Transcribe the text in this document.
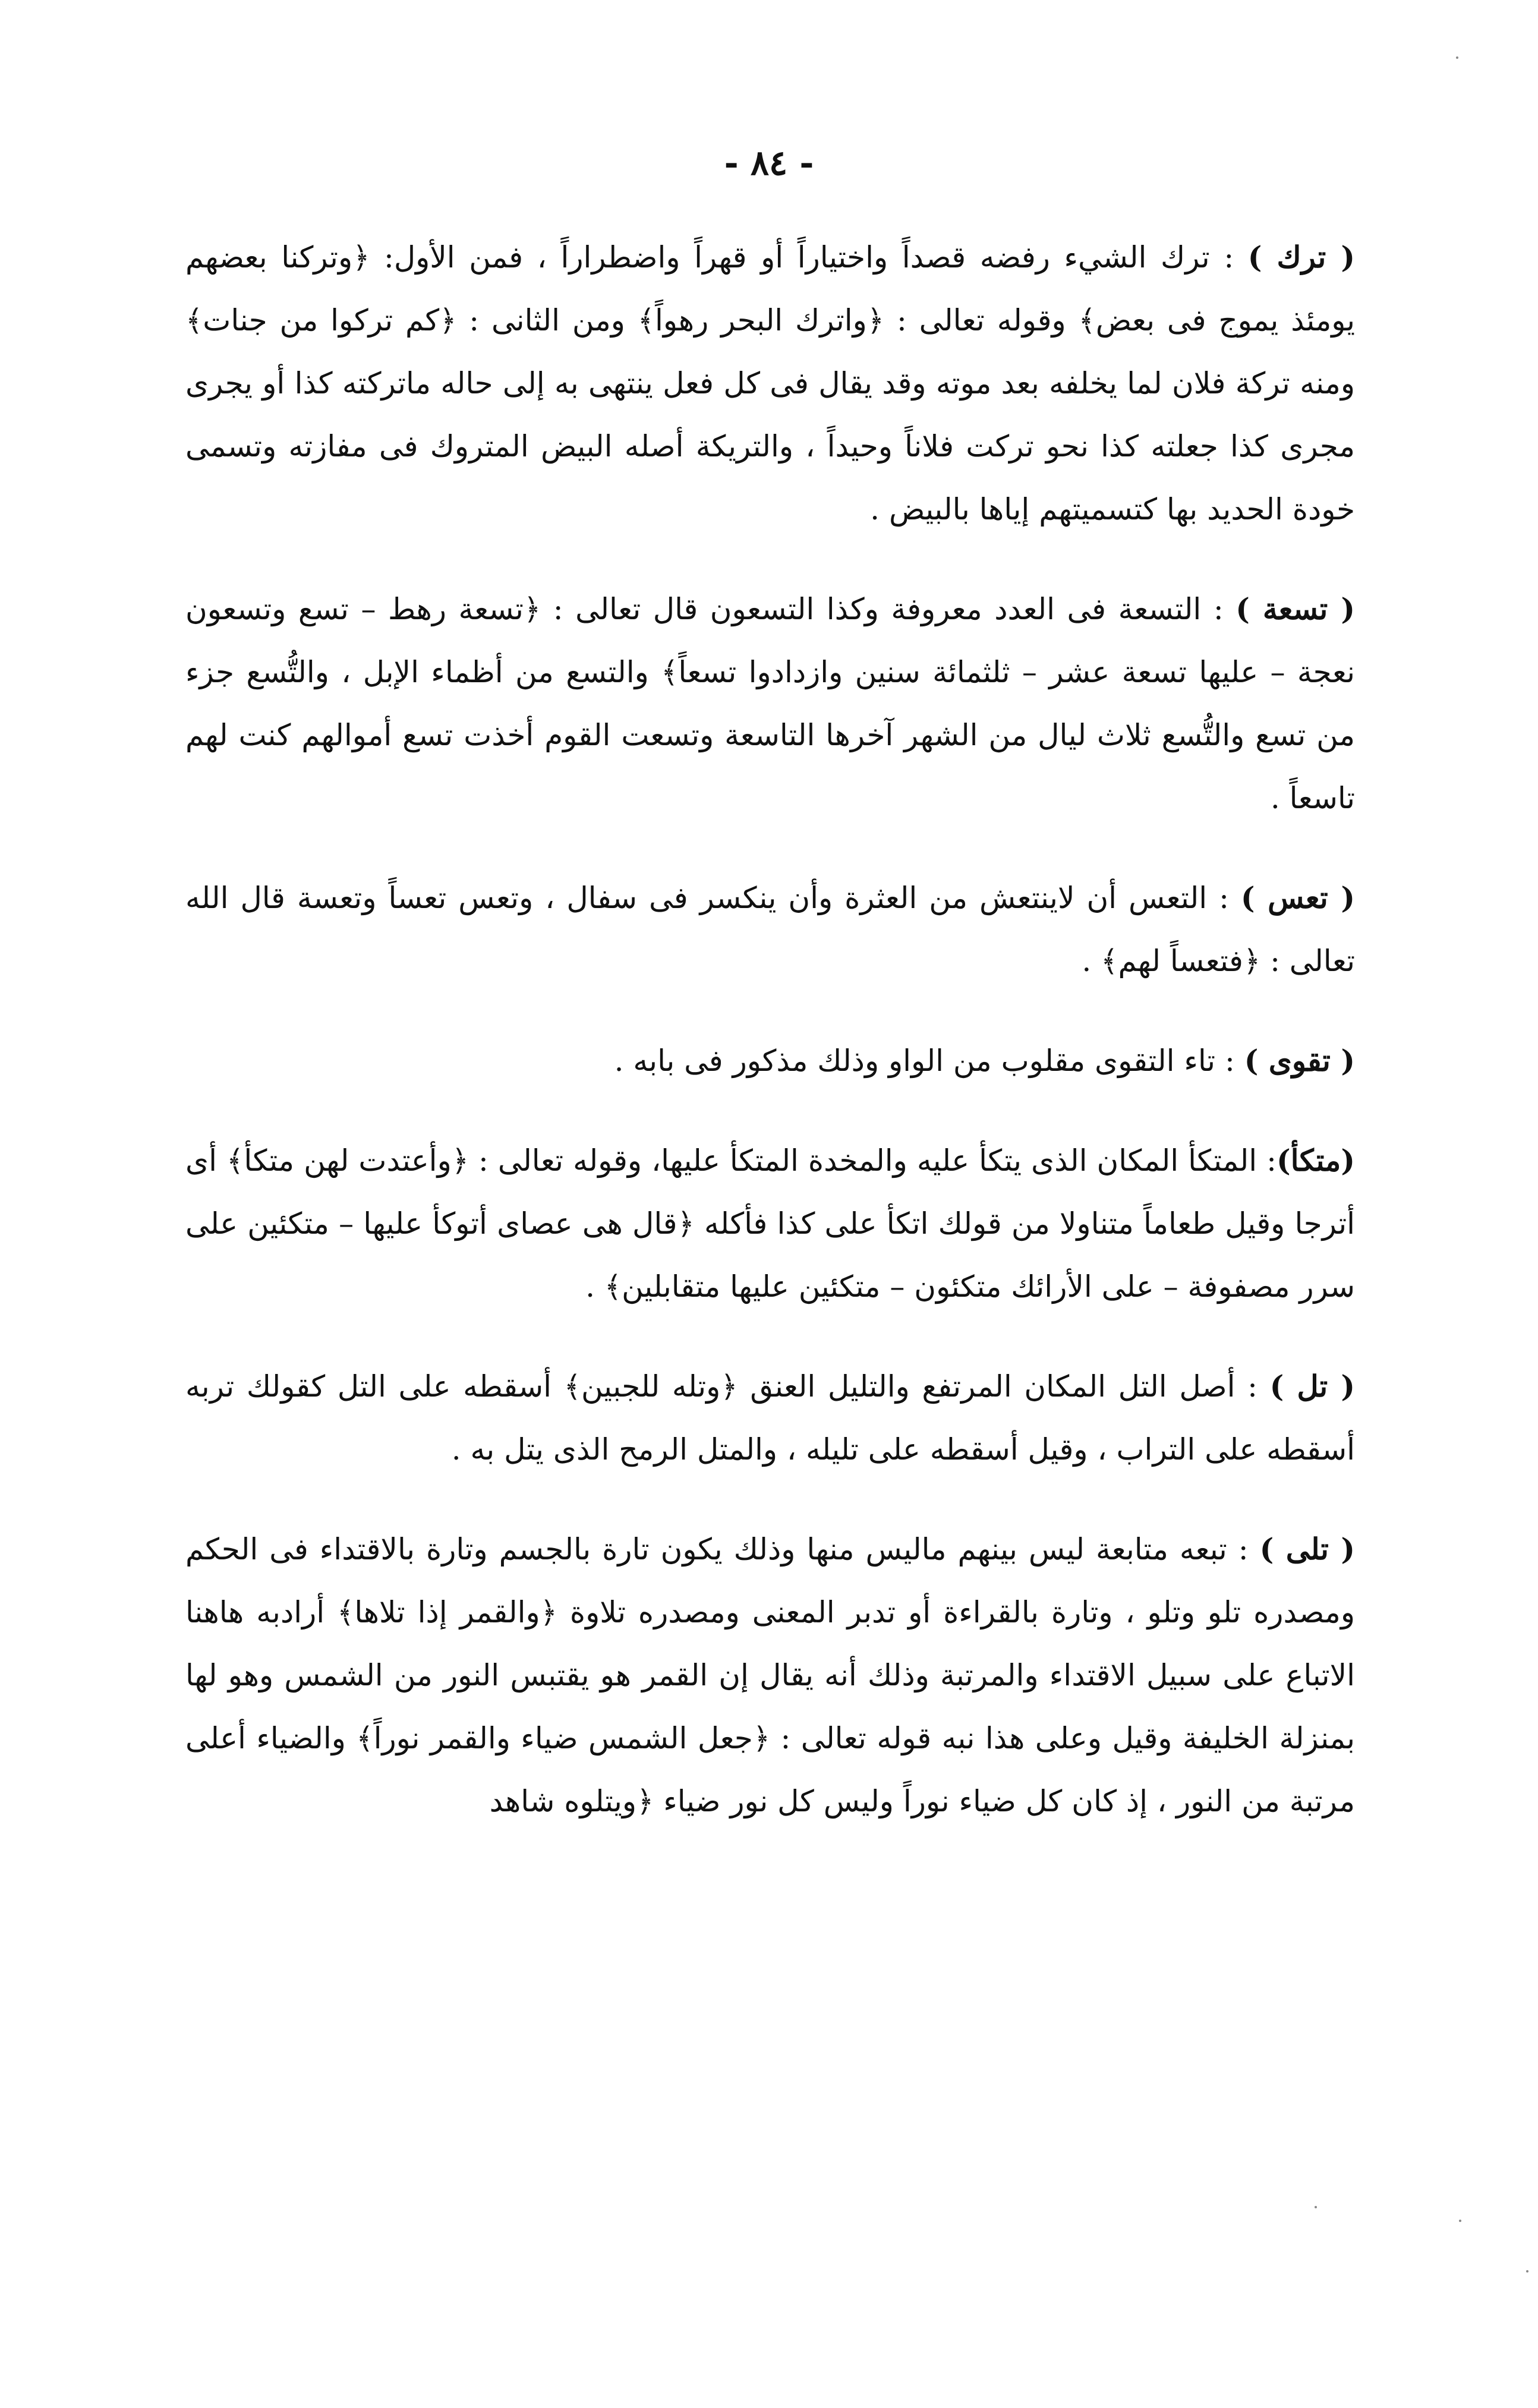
- ٨٤ -

( ترك ) : ترك الشيء رفضه قصداً واختياراً أو قهراً واضطراراً ، فمن الأول: ﴿وتركنا بعضهم يومئذ يموج فى بعض﴾ وقوله تعالى : ﴿واترك البحر رهواً﴾ ومن الثانى : ﴿كم تركوا من جنات﴾ ومنه تركة فلان لما يخلفه بعد موته وقد يقال فى كل فعل ينتهى به إلى حاله ماتركته كذا أو يجرى مجرى كذا جعلته كذا نحو تركت فلاناً وحيداً ، والتريكة أصله البيض المتروك فى مفازته وتسمى خودة الحديد بها كتسميتهم إياها بالبيض .

( تسعة ) : التسعة فى العدد معروفة وكذا التسعون قال تعالى : ﴿تسعة رهط – تسع وتسعون نعجة – عليها تسعة عشر – ثلثمائة سنين وازدادوا تسعاً﴾ والتسع من أظماء الإبل ، والتُّسع جزء من تسع والتُّسع ثلاث ليال من الشهر آخرها التاسعة وتسعت القوم أخذت تسع أموالهم كنت لهم تاسعاً .

( تعس ) : التعس أن لاينتعش من العثرة وأن ينكسر فى سفال ، وتعس تعساً وتعسة قال الله تعالى : ﴿فتعساً لهم﴾ .

( تقوى ) : تاء التقوى مقلوب من الواو وذلك مذكور فى بابه .

(متكأ): المتكأ المكان الذى يتكأ عليه والمخدة المتكأ عليها، وقوله تعالى : ﴿وأعتدت لهن متكأ﴾ أى أترجا وقيل طعاماً متناولا من قولك اتكأ على كذا فأكله ﴿قال هى عصاى أتوكأ عليها – متكئين على سرر مصفوفة – على الأرائك متكئون – متكئين عليها متقابلين﴾ .

( تل ) : أصل التل المكان المرتفع والتليل العنق ﴿وتله للجبين﴾ أسقطه على التل كقولك تربه أسقطه على التراب ، وقيل أسقطه على تليله ، والمتل الرمح الذى يتل به .

( تلى ) : تبعه متابعة ليس بينهم ماليس منها وذلك يكون تارة بالجسم وتارة بالاقتداء فى الحكم ومصدره تلو وتلو ، وتارة بالقراءة أو تدبر المعنى ومصدره تلاوة ﴿والقمر إذا تلاها﴾ أرادبه هاهنا الاتباع على سبيل الاقتداء والمرتبة وذلك أنه يقال إن القمر هو يقتبس النور من الشمس وهو لها بمنزلة الخليفة وقيل وعلى هذا نبه قوله تعالى : ﴿جعل الشمس ضياء والقمر نوراً﴾ والضياء أعلى مرتبة من النور ، إذ كان كل ضياء نوراً وليس كل نور ضياء ﴿ويتلوه شاهد
